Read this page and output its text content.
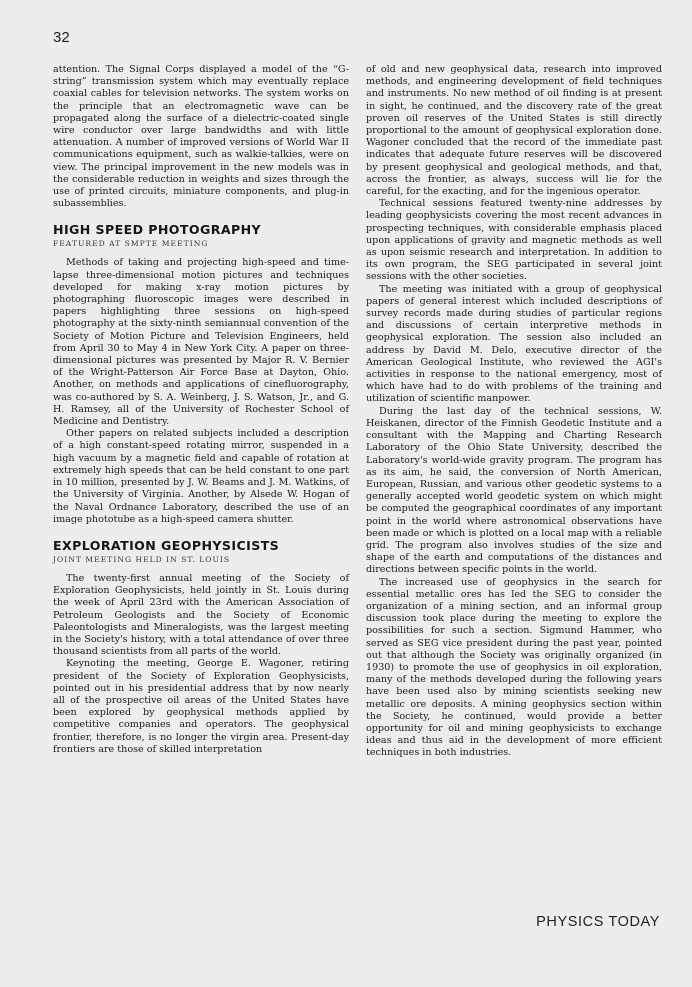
32

attention. The Signal Corps displayed a model of the “G-string” transmission system which may eventually replace coaxial cables for television networks. The system works on the principle that an electromagnetic wave can be propagated along the surface of a dielectric-coated single wire conductor over large bandwidths and with little attenuation. A number of improved versions of World War II communications equipment, such as walkie-talkies, were on view. The principal improvement in the new models was in the considerable reduction in weights and sizes through the use of printed circuits, miniature components, and plug-in subassemblies.

HIGH SPEED PHOTOGRAPHY
FEATURED AT SMPTE MEETING

Methods of taking and projecting high-speed and time-lapse three-dimensional motion pictures and techniques developed for making x-ray motion pictures by photographing fluoroscopic images were described in papers highlighting three sessions on high-speed photography at the sixty-ninth semiannual convention of the Society of Motion Picture and Television Engineers, held from April 30 to May 4 in New York City. A paper on three-dimensional pictures was presented by Major R. V. Bernier of the Wright-Patterson Air Force Base at Dayton, Ohio. Another, on methods and applications of cinefluorography, was co-authored by S. A. Weinberg, J. S. Watson, Jr., and G. H. Ramsey, all of the University of Rochester School of Medicine and Dentistry.

Other papers on related subjects included a description of a high constant-speed rotating mirror, suspended in a high vacuum by a magnetic field and capable of rotation at extremely high speeds that can be held constant to one part in 10 million, presented by J. W. Beams and J. M. Watkins, of the University of Virginia. Another, by Alsede W. Hogan of the Naval Ordnance Laboratory, described the use of an image phototube as a high-speed camera shutter.

EXPLORATION GEOPHYSICISTS
JOINT MEETING HELD IN ST. LOUIS

The twenty-first annual meeting of the Society of Exploration Geophysicists, held jointly in St. Louis during the week of April 23rd with the American Association of Petroleum Geologists and the Society of Economic Paleontologists and Mineralogists, was the largest meeting in the Society's history, with a total attendance of over three thousand scientists from all parts of the world.

Keynoting the meeting, George E. Wagoner, retiring president of the Society of Exploration Geophysicists, pointed out in his presidential address that by now nearly all of the prospective oil areas of the United States have been explored by geophysical methods applied by competitive companies and operators. The geophysical frontier, therefore, is no longer the virgin area. Present-day frontiers are those of skilled interpretation

of old and new geophysical data, research into improved methods, and engineering development of field techniques and instruments. No new method of oil finding is at present in sight, he continued, and the discovery rate of the great proven oil reserves of the United States is still directly proportional to the amount of geophysical exploration done. Wagoner concluded that the record of the immediate past indicates that adequate future reserves will be discovered by present geophysical and geological methods, and that, across the frontier, as always, success will lie for the careful, for the exacting, and for the ingenious operator.

Technical sessions featured twenty-nine addresses by leading geophysicists covering the most recent advances in prospecting techniques, with considerable emphasis placed upon applications of gravity and magnetic methods as well as upon seismic research and interpretation. In addition to its own program, the SEG participated in several joint sessions with the other societies.

The meeting was initiated with a group of geophysical papers of general interest which included descriptions of survey records made during studies of particular regions and discussions of certain interpretive methods in geophysical exploration. The session also included an address by David M. Delo, executive director of the American Geological Institute, who reviewed the AGI's activities in response to the national emergency, most of which have had to do with problems of the training and utilization of scientific manpower.

During the last day of the technical sessions, W. Heiskanen, director of the Finnish Geodetic Institute and a consultant with the Mapping and Charting Research Laboratory of the Ohio State University, described the Laboratory's world-wide gravity program. The program has as its aim, he said, the conversion of North American, European, Russian, and various other geodetic systems to a generally accepted world geodetic system on which might be computed the geographical coordinates of any important point in the world where astronomical observations have been made or which is plotted on a local map with a reliable grid. The program also involves studies of the size and shape of the earth and computations of the distances and directions between specific points in the world.

The increased use of geophysics in the search for essential metallic ores has led the SEG to consider the organization of a mining section, and an informal group discussion took place during the meeting to explore the possibilities for such a section. Sigmund Hammer, who served as SEG vice president during the past year, pointed out that although the Society was originally organized (in 1930) to promote the use of geophysics in oil exploration, many of the methods developed during the following years have been used also by mining scientists seeking new metallic ore deposits. A mining geophysics section within the Society, he continued, would provide a better opportunity for oil and mining geophysicists to exchange ideas and thus aid in the development of more efficient techniques in both industries.

PHYSICS TODAY
